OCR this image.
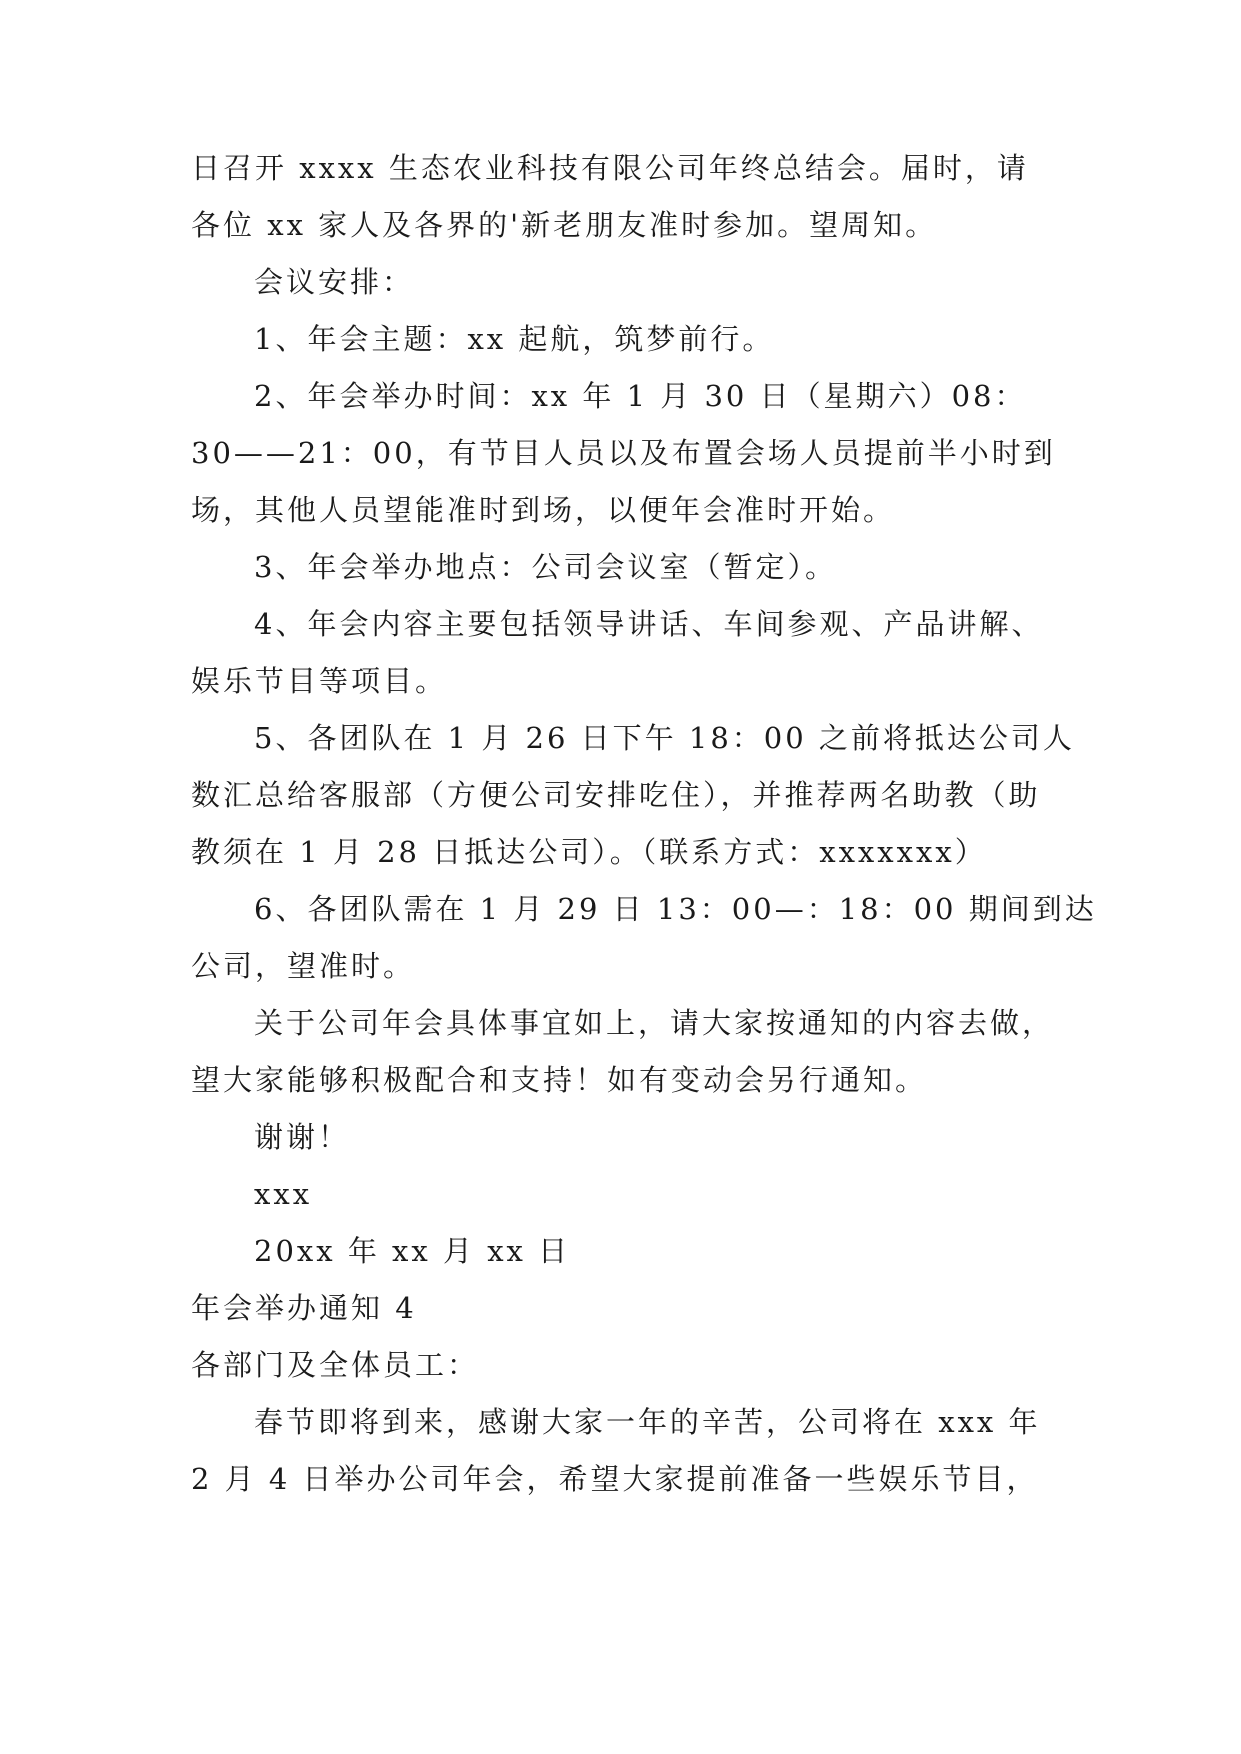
日召开 xxxx 生态农业科技有限公司年终总结会。届时，请
各位 xx 家人及各界的'新老朋友准时参加。望周知。
会议安排：
1、年会主题：xx 起航，筑梦前行。
2、年会举办时间：xx 年 1 月 30 日（星期六）08：
30——21：00，有节目人员以及布置会场人员提前半小时到
场，其他人员望能准时到场，以便年会准时开始。
3、年会举办地点：公司会议室（暂定）。
4、年会内容主要包括领导讲话、车间参观、产品讲解、
娱乐节目等项目。
5、各团队在 1 月 26 日下午 18：00 之前将抵达公司人
数汇总给客服部（方便公司安排吃住），并推荐两名助教（助
教须在 1 月 28 日抵达公司）。（联系方式：xxxxxxx）
6、各团队需在 1 月 29 日 13：00—：18：00 期间到达
公司，望准时。
关于公司年会具体事宜如上，请大家按通知的内容去做，
望大家能够积极配合和支持！如有变动会另行通知。
谢谢！
xxx
20xx 年 xx 月 xx 日
年会举办通知 4
各部门及全体员工：
春节即将到来，感谢大家一年的辛苦，公司将在 xxx 年
2 月 4 日举办公司年会，希望大家提前准备一些娱乐节目，
